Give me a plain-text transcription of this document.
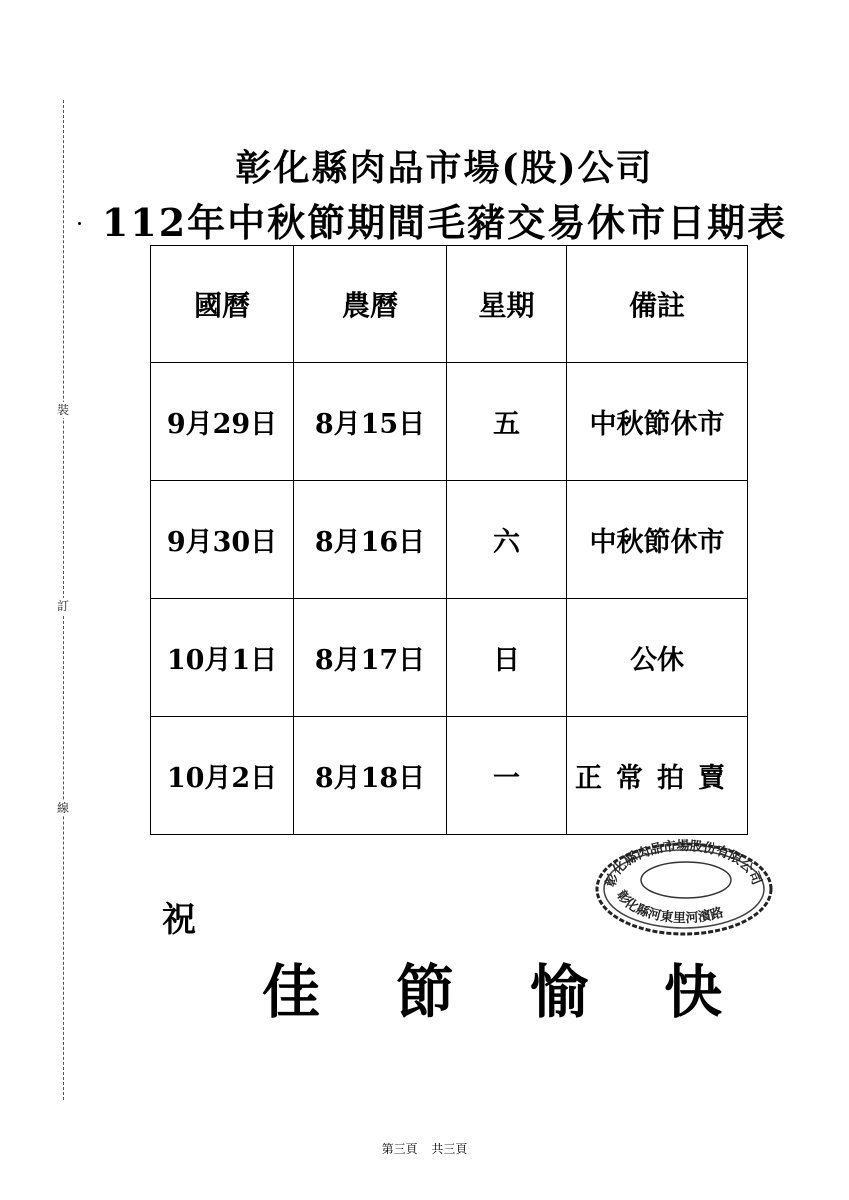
裝
訂
線
彰化縣肉品市場(股)公司
112年中秋節期間毛豬交易休市日期表
國曆	農曆	星期	備註
9月29日	8月15日	五	中秋節休市
9月30日	8月16日	六	中秋節休市
10月1日	8月17日	日	公休
10月2日	8月18日	一	正常拍賣
彰化縣肉品市場股份有限公司
彰化縣河東里河濱路
祝
佳 節 愉 快
第三頁 共三頁
